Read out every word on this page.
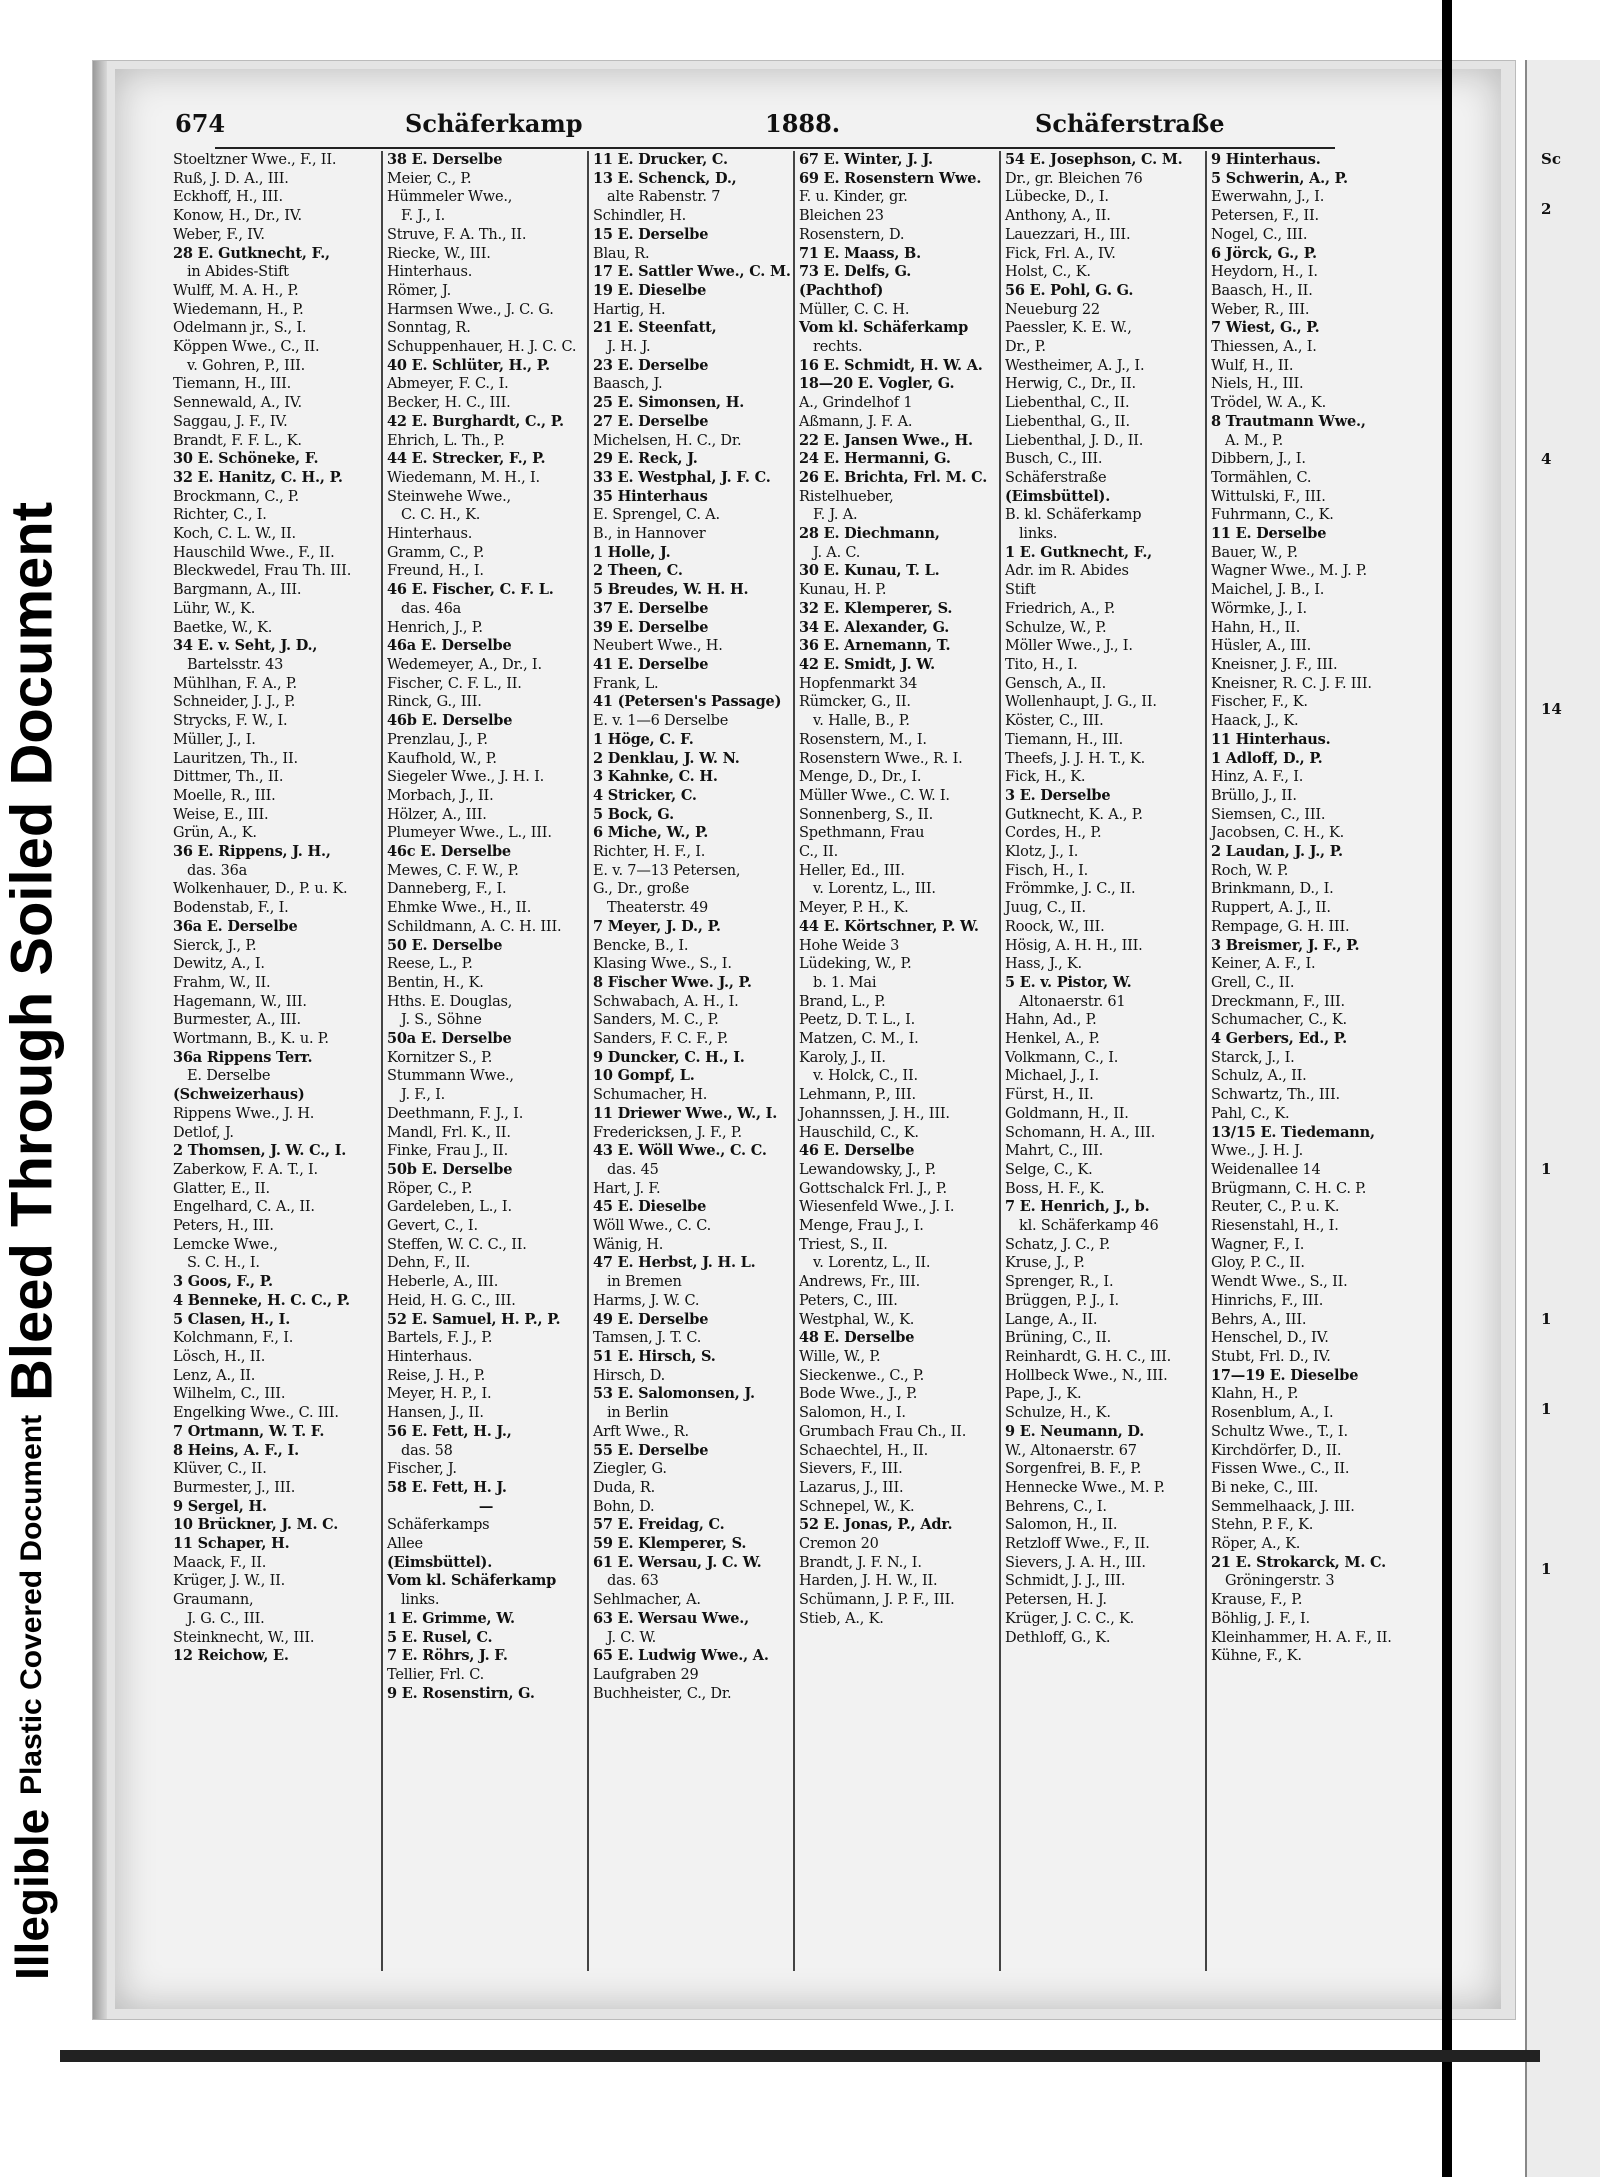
Illegible
Plastic Covered Document
Bleed Through Soiled Document
674	Schäferkamp	1888.	Schäferstraße
Stoeltzner Wwe., F., II.
Ruß, J. D. A., III.
Eckhoff, H., III.
Konow, H., Dr., IV.
Weber, F., IV.
28 E. Gutknecht, F.,
in Abides-Stift
Wulff, M. A. H., P.
Wiedemann, H., P.
Odelmann jr., S., I.
Köppen Wwe., C., II.
v. Gohren, P., III.
Tiemann, H., III.
Sennewald, A., IV.
Saggau, J. F., IV.
Brandt, F. F. L., K.
30 E. Schöneke, F.
32 E. Hanitz, C. H., P.
Brockmann, C., P.
Richter, C., I.
Koch, C. L. W., II.
Hauschild Wwe., F., II.
Bleckwedel, Frau Th. III.
Bargmann, A., III.
Lühr, W., K.
Baetke, W., K.
34 E. v. Seht, J. D.,
Bartelsstr. 43
Mühlhan, F. A., P.
Schneider, J. J., P.
Strycks, F. W., I.
Müller, J., I.
Lauritzen, Th., II.
Dittmer, Th., II.
Moelle, R., III.
Weise, E., III.
Grün, A., K.
36 E. Rippens, J. H.,
das. 36a
Wolkenhauer, D., P. u. K.
Bodenstab, F., I.
36a E. Derselbe
Sierck, J., P.
Dewitz, A., I.
Frahm, W., II.
Hagemann, W., III.
Burmester, A., III.
Wortmann, B., K. u. P.
36a Rippens Terr.
E. Derselbe
(Schweizerhaus)
Rippens Wwe., J. H.
Detlof, J.
2 Thomsen, J. W. C., I.
Zaberkow, F. A. T., I.
Glatter, E., II.
Engelhard, C. A., II.
Peters, H., III.
Lemcke Wwe.,
S. C. H., I.
3 Goos, F., P.
4 Benneke, H. C. C., P.
5 Clasen, H., I.
Kolchmann, F., I.
Lösch, H., II.
Lenz, A., II.
Wilhelm, C., III.
Engelking Wwe., C. III.
7 Ortmann, W. T. F.
8 Heins, A. F., I.
Klüver, C., II.
Burmester, J., III.
9 Sergel, H.
10 Brückner, J. M. C.
11 Schaper, H.
Maack, F., II.
Krüger, J. W., II.
Graumann,
J. G. C., III.
Steinknecht, W., III.
12 Reichow, E.
38 E. Derselbe
Meier, C., P.
Hümmeler Wwe.,
F. J., I.
Struve, F. A. Th., II.
Riecke, W., III.
Hinterhaus.
Römer, J.
Harmsen Wwe., J. C. G.
Sonntag, R.
Schuppenhauer, H. J. C. C.
40 E. Schlüter, H., P.
Abmeyer, F. C., I.
Becker, H. C., III.
42 E. Burghardt, C., P.
Ehrich, L. Th., P.
44 E. Strecker, F., P.
Wiedemann, M. H., I.
Steinwehe Wwe.,
C. C. H., K.
Hinterhaus.
Gramm, C., P.
Freund, H., I.
46 E. Fischer, C. F. L.
das. 46a
Henrich, J., P.
46a E. Derselbe
Wedemeyer, A., Dr., I.
Fischer, C. F. L., II.
Rinck, G., III.
46b E. Derselbe
Prenzlau, J., P.
Kaufhold, W., P.
Siegeler Wwe., J. H. I.
Morbach, J., II.
Hölzer, A., III.
Plumeyer Wwe., L., III.
46c E. Derselbe
Mewes, C. F. W., P.
Danneberg, F., I.
Ehmke Wwe., H., II.
Schildmann, A. C. H. III.
50 E. Derselbe
Reese, L., P.
Bentin, H., K.
Hths. E. Douglas,
J. S., Söhne
50a E. Derselbe
Kornitzer S., P.
Stummann Wwe.,
J. F., I.
Deethmann, F. J., I.
Mandl, Frl. K., II.
Finke, Frau J., II.
50b E. Derselbe
Röper, C., P.
Gardeleben, L., I.
Gevert, C., I.
Steffen, W. C. C., II.
Dehn, F., II.
Heberle, A., III.
Heid, H. G. C., III.
52 E. Samuel, H. P., P.
Bartels, F. J., P.
Hinterhaus.
Reise, J. H., P.
Meyer, H. P., I.
Hansen, J., II.
56 E. Fett, H. J.,
das. 58
Fischer, J.
58 E. Fett, H. J.
—
Schäferkamps
Allee
(Eimsbüttel).
Vom kl. Schäferkamp
links.
1 E. Grimme, W.
5 E. Rusel, C.
7 E. Röhrs, J. F.
Tellier, Frl. C.
9 E. Rosenstirn, G.
11 E. Drucker, C.
13 E. Schenck, D.,
alte Rabenstr. 7
Schindler, H.
15 E. Derselbe
Blau, R.
17 E. Sattler Wwe., C. M.
19 E. Dieselbe
Hartig, H.
21 E. Steenfatt,
J. H. J.
23 E. Derselbe
Baasch, J.
25 E. Simonsen, H.
27 E. Derselbe
Michelsen, H. C., Dr.
29 E. Reck, J.
33 E. Westphal, J. F. C.
35 Hinterhaus
E. Sprengel, C. A.
B., in Hannover
1 Holle, J.
2 Theen, C.
5 Breudes, W. H. H.
37 E. Derselbe
39 E. Derselbe
Neubert Wwe., H.
41 E. Derselbe
Frank, L.
41 (Petersen's Passage)
E. v. 1—6 Derselbe
1 Höge, C. F.
2 Denklau, J. W. N.
3 Kahnke, C. H.
4 Stricker, C.
5 Bock, G.
6 Miche, W., P.
Richter, H. F., I.
E. v. 7—13 Petersen,
G., Dr., große
Theaterstr. 49
7 Meyer, J. D., P.
Bencke, B., I.
Klasing Wwe., S., I.
8 Fischer Wwe. J., P.
Schwabach, A. H., I.
Sanders, M. C., P.
Sanders, F. C. F., P.
9 Duncker, C. H., I.
10 Gompf, L.
Schumacher, H.
11 Driewer Wwe., W., I.
Fredericksen, J. F., P.
43 E. Wöll Wwe., C. C.
das. 45
Hart, J. F.
45 E. Dieselbe
Wöll Wwe., C. C.
Wänig, H.
47 E. Herbst, J. H. L.
in Bremen
Harms, J. W. C.
49 E. Derselbe
Tamsen, J. T. C.
51 E. Hirsch, S.
Hirsch, D.
53 E. Salomonsen, J.
in Berlin
Arft Wwe., R.
55 E. Derselbe
Ziegler, G.
Duda, R.
Bohn, D.
57 E. Freidag, C.
59 E. Klemperer, S.
61 E. Wersau, J. C. W.
das. 63
Sehlmacher, A.
63 E. Wersau Wwe.,
J. C. W.
65 E. Ludwig Wwe., A.
Laufgraben 29
Buchheister, C., Dr.
67 E. Winter, J. J.
69 E. Rosenstern Wwe.
F. u. Kinder, gr.
Bleichen 23
Rosenstern, D.
71 E. Maass, B.
73 E. Delfs, G.
(Pachthof)
Müller, C. C. H.
Vom kl. Schäferkamp
rechts.
16 E. Schmidt, H. W. A.
18—20 E. Vogler, G.
A., Grindelhof 1
Aßmann, J. F. A.
22 E. Jansen Wwe., H.
24 E. Hermanni, G.
26 E. Brichta, Frl. M. C.
Ristelhueber,
F. J. A.
28 E. Diechmann,
J. A. C.
30 E. Kunau, T. L.
Kunau, H. P.
32 E. Klemperer, S.
34 E. Alexander, G.
36 E. Arnemann, T.
42 E. Smidt, J. W.
Hopfenmarkt 34
Rümcker, G., II.
v. Halle, B., P.
Rosenstern, M., I.
Rosenstern Wwe., R. I.
Menge, D., Dr., I.
Müller Wwe., C. W. I.
Sonnenberg, S., II.
Spethmann, Frau
C., II.
Heller, Ed., III.
v. Lorentz, L., III.
Meyer, P. H., K.
44 E. Körtschner, P. W.
Hohe Weide 3
Lüdeking, W., P.
b. 1. Mai
Brand, L., P.
Peetz, D. T. L., I.
Matzen, C. M., I.
Karoly, J., II.
v. Holck, C., II.
Lehmann, P., III.
Johannssen, J. H., III.
Hauschild, C., K.
46 E. Derselbe
Lewandowsky, J., P.
Gottschalck Frl. J., P.
Wiesenfeld Wwe., J. I.
Menge, Frau J., I.
Triest, S., II.
v. Lorentz, L., II.
Andrews, Fr., III.
Peters, C., III.
Westphal, W., K.
48 E. Derselbe
Wille, W., P.
Sieckenwe., C., P.
Bode Wwe., J., P.
Salomon, H., I.
Grumbach Frau Ch., II.
Schaechtel, H., II.
Sievers, F., III.
Lazarus, J., III.
Schnepel, W., K.
52 E. Jonas, P., Adr.
Cremon 20
Brandt, J. F. N., I.
Harden, J. H. W., II.
Schümann, J. P. F., III.
Stieb, A., K.
54 E. Josephson, C. M.
Dr., gr. Bleichen 76
Lübecke, D., I.
Anthony, A., II.
Lauezzari, H., III.
Fick, Frl. A., IV.
Holst, C., K.
56 E. Pohl, G. G.
Neueburg 22
Paessler, K. E. W.,
Dr., P.
Westheimer, A. J., I.
Herwig, C., Dr., II.
Liebenthal, C., II.
Liebenthal, G., II.
Liebenthal, J. D., II.
Busch, C., III.
Schäferstraße
(Eimsbüttel).
B. kl. Schäferkamp
links.
1 E. Gutknecht, F.,
Adr. im R. Abides
Stift
Friedrich, A., P.
Schulze, W., P.
Möller Wwe., J., I.
Tito, H., I.
Gensch, A., II.
Wollenhaupt, J. G., II.
Köster, C., III.
Tiemann, H., III.
Theefs, J. J. H. T., K.
Fick, H., K.
3 E. Derselbe
Gutknecht, K. A., P.
Cordes, H., P.
Klotz, J., I.
Fisch, H., I.
Frömmke, J. C., II.
Juug, C., II.
Roock, W., III.
Hösig, A. H. H., III.
Hass, J., K.
5 E. v. Pistor, W.
Altonaerstr. 61
Hahn, Ad., P.
Henkel, A., P.
Volkmann, C., I.
Michael, J., I.
Fürst, H., II.
Goldmann, H., II.
Schomann, H. A., III.
Mahrt, C., III.
Selge, C., K.
Boss, H. F., K.
7 E. Henrich, J., b.
kl. Schäferkamp 46
Schatz, J. C., P.
Kruse, J., P.
Sprenger, R., I.
Brüggen, P. J., I.
Lange, A., II.
Brüning, C., II.
Reinhardt, G. H. C., III.
Hollbeck Wwe., N., III.
Pape, J., K.
Schulze, H., K.
9 E. Neumann, D.
W., Altonaerstr. 67
Sorgenfrei, B. F., P.
Hennecke Wwe., M. P.
Behrens, C., I.
Salomon, H., II.
Retzloff Wwe., F., II.
Sievers, J. A. H., III.
Schmidt, J. J., III.
Petersen, H. J.
Krüger, J. C. C., K.
Dethloff, G., K.
9 Hinterhaus.
5 Schwerin, A., P.
Ewerwahn, J., I.
Petersen, F., II.
Nogel, C., III.
6 Jörck, G., P.
Heydorn, H., I.
Baasch, H., II.
Weber, R., III.
7 Wiest, G., P.
Thiessen, A., I.
Wulf, H., II.
Niels, H., III.
Trödel, W. A., K.
8 Trautmann Wwe.,
A. M., P.
Dibbern, J., I.
Tormählen, C.
Wittulski, F., III.
Fuhrmann, C., K.
11 E. Derselbe
Bauer, W., P.
Wagner Wwe., M. J. P.
Maichel, J. B., I.
Wörmke, J., I.
Hahn, H., II.
Hüsler, A., III.
Kneisner, J. F., III.
Kneisner, R. C. J. F. III.
Fischer, F., K.
Haack, J., K.
11 Hinterhaus.
1 Adloff, D., P.
Hinz, A. F., I.
Brüllo, J., II.
Siemsen, C., III.
Jacobsen, C. H., K.
2 Laudan, J. J., P.
Roch, W. P.
Brinkmann, D., I.
Ruppert, A. J., II.
Rempage, G. H. III.
3 Breismer, J. F., P.
Keiner, A. F., I.
Grell, C., II.
Dreckmann, F., III.
Schumacher, C., K.
4 Gerbers, Ed., P.
Starck, J., I.
Schulz, A., II.
Schwartz, Th., III.
Pahl, C., K.
13/15 E. Tiedemann,
Wwe., J. H. J.
Weidenallee 14
Brügmann, C. H. C. P.
Reuter, C., P. u. K.
Riesenstahl, H., I.
Wagner, F., I.
Gloy, P. C., II.
Wendt Wwe., S., II.
Hinrichs, F., III.
Behrs, A., III.
Henschel, D., IV.
Stubt, Frl. D., IV.
17—19 E. Dieselbe
Klahn, H., P.
Rosenblum, A., I.
Schultz Wwe., T., I.
Kirchdörfer, D., II.
Fissen Wwe., C., II.
Bi neke, C., III.
Semmelhaack, J. III.
Stehn, P. F., K.
Röper, A., K.
21 E. Strokarck, M. C.
Gröningerstr. 3
Krause, F., P.
Böhlig, J. F., I.
Kleinhammer, H. A. F., II.
Kühne, F., K.
Sc
2
4
14
1
1
1
1
